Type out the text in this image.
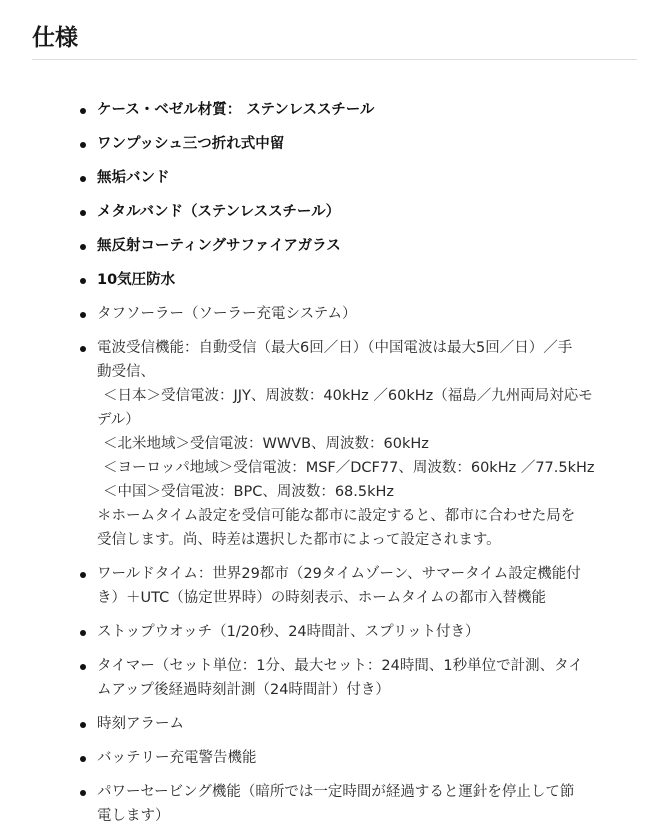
仕様
ケース・ベゼル材質： ステンレススチール
ワンプッシュ三つ折れ式中留
無垢バンド
メタルバンド（ステンレススチール）
無反射コーティングサファイアガラス
10気圧防水
タフソーラー（ソーラー充電システム）
電波受信機能：自動受信（最大6回／日）（中国電波は最大5回／日）／手
動受信、
＜日本＞受信電波：JJY、周波数：40kHz ／60kHz（福島／九州両局対応モ
デル）
＜北米地域＞受信電波：WWVB、周波数：60kHz
＜ヨーロッパ地域＞受信電波：MSF／DCF77、周波数：60kHz ／77.5kHz
＜中国＞受信電波：BPC、周波数：68.5kHz
＊ホームタイム設定を受信可能な都市に設定すると、都市に合わせた局を
受信します。尚、時差は選択した都市によって設定されます。
ワールドタイム：世界29都市（29タイムゾーン、サマータイム設定機能付
き）＋UTC（協定世界時）の時刻表示、ホームタイムの都市入替機能
ストップウオッチ（1/20秒、24時間計、スプリット付き）
タイマー（セット単位：1分、最大セット：24時間、1秒単位で計測、タイ
ムアップ後経過時刻計測（24時間計）付き）
時刻アラーム
バッテリー充電警告機能
パワーセービング機能（暗所では一定時間が経過すると運針を停止して節
電します）
